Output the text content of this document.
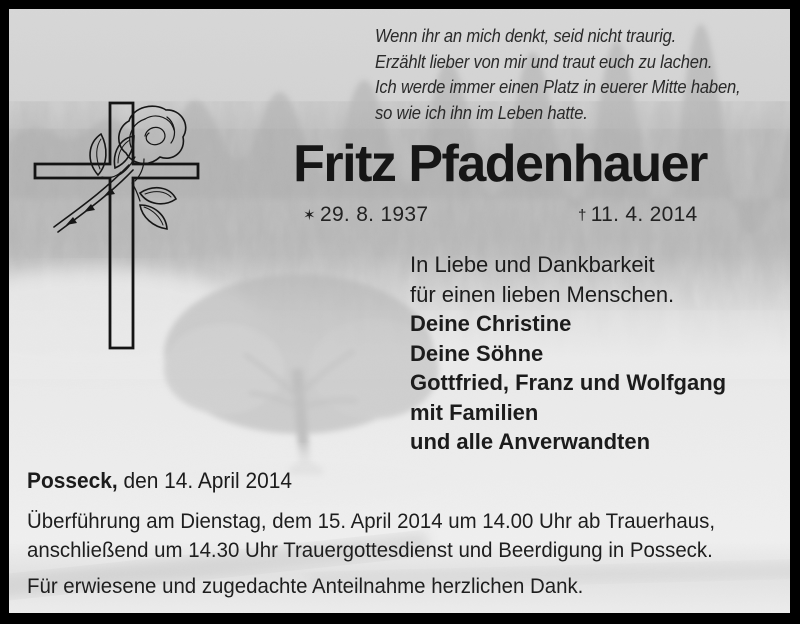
Wenn ihr an mich denkt, seid nicht traurig.
Erzählt lieber von mir und traut euch zu lachen.
Ich werde immer einen Platz in euerer Mitte haben,
so wie ich ihn im Leben hatte.
Fritz Pfadenhauer
✶ 29. 8. 1937	† 11. 4. 2014
In Liebe und Dankbarkeit
für einen lieben Menschen.
Deine Christine
Deine Söhne
Gottfried, Franz und Wolfgang
mit Familien
und alle Anverwandten
Posseck, den 14. April 2014
Überführung am Dienstag, dem 15. April 2014 um 14.00 Uhr ab Trauerhaus,
anschließend um 14.30 Uhr Trauergottesdienst und Beerdigung in Posseck.
Für erwiesene und zugedachte Anteilnahme herzlichen Dank.
